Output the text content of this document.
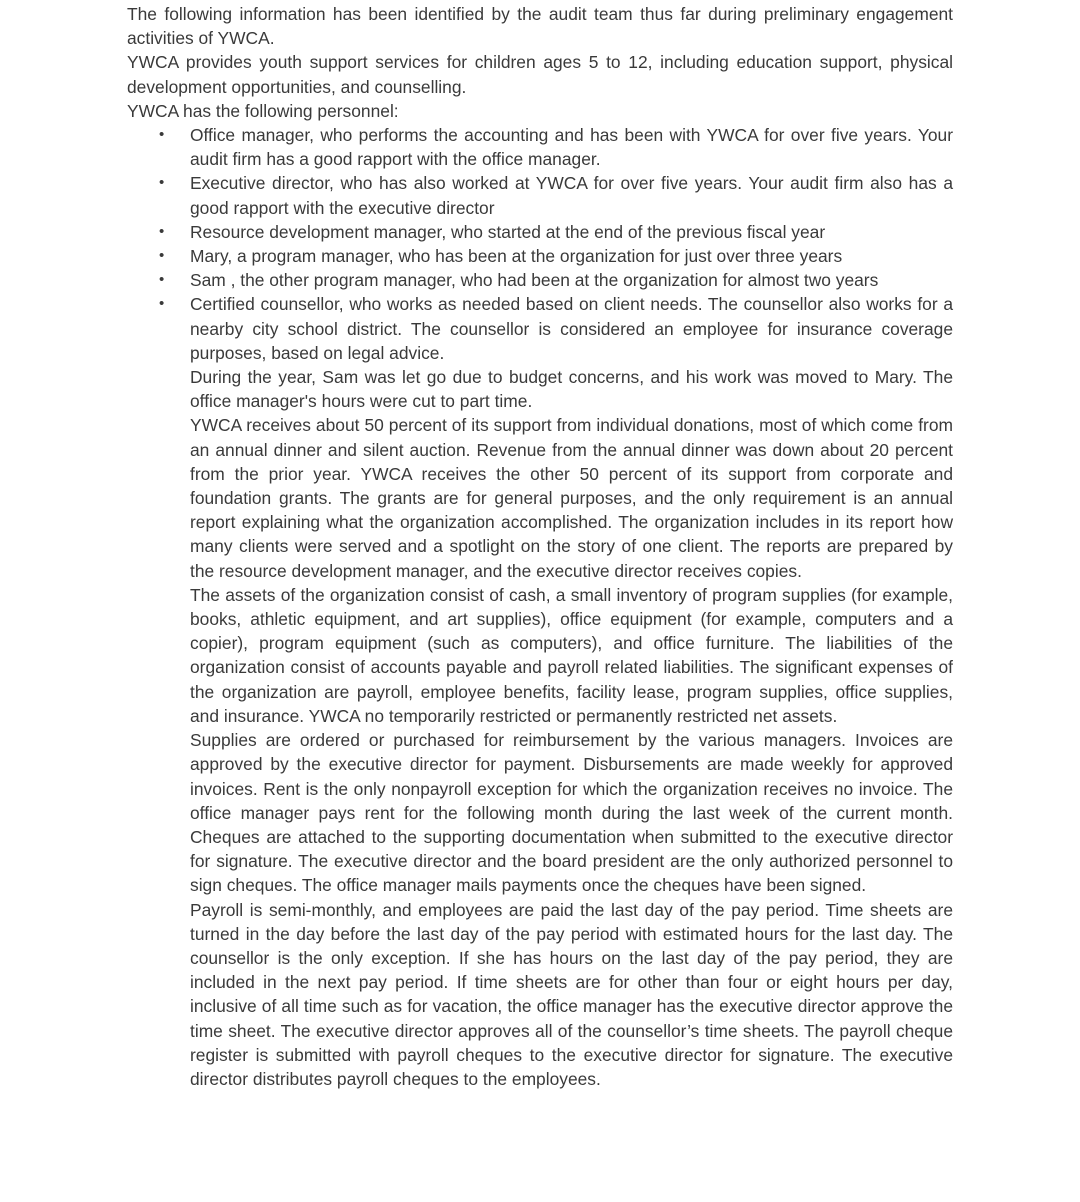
The following information has been identified by the audit team thus far during preliminary engagement activities of YWCA.

YWCA provides youth support services for children ages 5 to 12, including education support, physical development opportunities, and counselling.

YWCA has the following personnel:

• Office manager, who performs the accounting and has been with YWCA for over five years. Your audit firm has a good rapport with the office manager.
• Executive director, who has also worked at YWCA for over five years. Your audit firm also has a good rapport with the executive director
• Resource development manager, who started at the end of the previous fiscal year
• Mary, a program manager, who has been at the organization for just over three years
• Sam , the other program manager, who had been at the organization for almost two years
• Certified counsellor, who works as needed based on client needs. The counsellor also works for a nearby city school district. The counsellor is considered an employee for insurance coverage purposes, based on legal advice.

During the year, Sam was let go due to budget concerns, and his work was moved to Mary. The office manager's hours were cut to part time.

YWCA receives about 50 percent of its support from individual donations, most of which come from an annual dinner and silent auction. Revenue from the annual dinner was down about 20 percent from the prior year. YWCA receives the other 50 percent of its support from corporate and foundation grants. The grants are for general purposes, and the only requirement is an annual report explaining what the organization accomplished. The organization includes in its report how many clients were served and a spotlight on the story of one client. The reports are prepared by the resource development manager, and the executive director receives copies.

The assets of the organization consist of cash, a small inventory of program supplies (for example, books, athletic equipment, and art supplies), office equipment (for example, computers and a copier), program equipment (such as computers), and office furniture. The liabilities of the organization consist of accounts payable and payroll related liabilities. The significant expenses of the organization are payroll, employee benefits, facility lease, program supplies, office supplies, and insurance. YWCA no temporarily restricted or permanently restricted net assets.

Supplies are ordered or purchased for reimbursement by the various managers. Invoices are approved by the executive director for payment. Disbursements are made weekly for approved invoices. Rent is the only nonpayroll exception for which the organization receives no invoice. The office manager pays rent for the following month during the last week of the current month. Cheques are attached to the supporting documentation when submitted to the executive director for signature. The executive director and the board president are the only authorized personnel to sign cheques. The office manager mails payments once the cheques have been signed.

Payroll is semi-monthly, and employees are paid the last day of the pay period. Time sheets are turned in the day before the last day of the pay period with estimated hours for the last day. The counsellor is the only exception. If she has hours on the last day of the pay period, they are included in the next pay period. If time sheets are for other than four or eight hours per day, inclusive of all time such as for vacation, the office manager has the executive director approve the time sheet. The executive director approves all of the counsellor’s time sheets. The payroll cheque register is submitted with payroll cheques to the executive director for signature. The executive director distributes payroll cheques to the employees.
